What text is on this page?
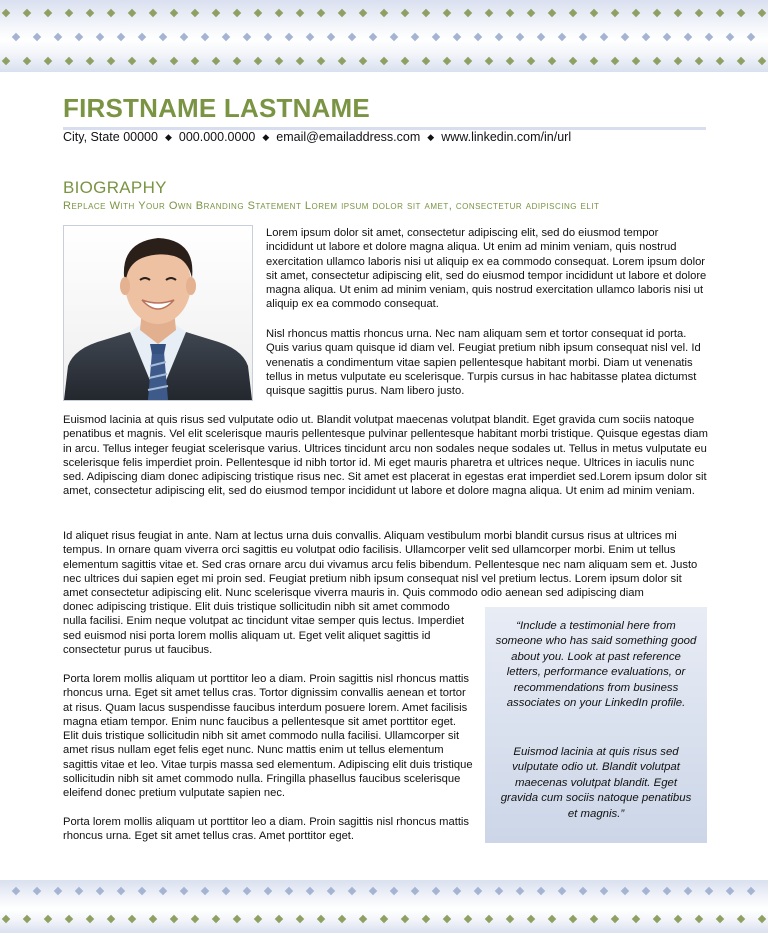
FIRSTNAME LASTNAME
City, State 00000 ◆ 000.000.0000 ◆ email@emailaddress.com ◆ www.linkedin.com/in/url
BIOGRAPHY
Replace With Your Own Branding Statement Lorem ipsum dolor sit amet, consectetur adipiscing elit

Lorem ipsum dolor sit amet, consectetur adipiscing elit, sed do eiusmod tempor incididunt ut labore et dolore magna aliqua. Ut enim ad minim veniam, quis nostrud exercitation ullamco laboris nisi ut aliquip ex ea commodo consequat. Lorem ipsum dolor sit amet, consectetur adipiscing elit, sed do eiusmod tempor incididunt ut labore et dolore magna aliqua. Ut enim ad minim veniam, quis nostrud exercitation ullamco laboris nisi ut aliquip ex ea commodo consequat.

Nisl rhoncus mattis rhoncus urna. Nec nam aliquam sem et tortor consequat id porta. Quis varius quam quisque id diam vel. Feugiat pretium nibh ipsum consequat nisl vel. Id venenatis a condimentum vitae sapien pellentesque habitant morbi. Diam ut venenatis tellus in metus vulputate eu scelerisque. Turpis cursus in hac habitasse platea dictumst quisque sagittis purus. Nam libero justo.

Euismod lacinia at quis risus sed vulputate odio ut. Blandit volutpat maecenas volutpat blandit. Eget gravida cum sociis natoque penatibus et magnis. Vel elit scelerisque mauris pellentesque pulvinar pellentesque habitant morbi tristique. Quisque egestas diam in arcu. Tellus integer feugiat scelerisque varius. Ultrices tincidunt arcu non sodales neque sodales ut. Tellus in metus vulputate eu scelerisque felis imperdiet proin. Pellentesque id nibh tortor id. Mi eget mauris pharetra et ultrices neque. Ultrices in iaculis nunc sed. Adipiscing diam donec adipiscing tristique risus nec. Sit amet est placerat in egestas erat imperdiet sed.Lorem ipsum dolor sit amet, consectetur adipiscing elit, sed do eiusmod tempor incididunt ut labore et dolore magna aliqua. Ut enim ad minim veniam.

Id aliquet risus feugiat in ante. Nam at lectus urna duis convallis. Aliquam vestibulum morbi blandit cursus risus at ultrices mi tempus. In ornare quam viverra orci sagittis eu volutpat odio facilisis. Ullamcorper velit sed ullamcorper morbi. Enim ut tellus elementum sagittis vitae et. Sed cras ornare arcu dui vivamus arcu felis bibendum. Pellentesque nec nam aliquam sem et. Justo nec ultrices dui sapien eget mi proin sed. Feugiat pretium nibh ipsum consequat nisl vel pretium lectus. Lorem ipsum dolor sit amet consectetur adipiscing elit. Nunc scelerisque viverra mauris in. Quis commodo odio aenean sed adipiscing diam

donec adipiscing tristique. Elit duis tristique sollicitudin nibh sit amet commodo nulla facilisi. Enim neque volutpat ac tincidunt vitae semper quis lectus. Imperdiet sed euismod nisi porta lorem mollis aliquam ut. Eget velit aliquet sagittis id consectetur purus ut faucibus.

Porta lorem mollis aliquam ut porttitor leo a diam. Proin sagittis nisl rhoncus mattis rhoncus urna. Eget sit amet tellus cras. Tortor dignissim convallis aenean et tortor at risus. Quam lacus suspendisse faucibus interdum posuere lorem. Amet facilisis magna etiam tempor. Enim nunc faucibus a pellentesque sit amet porttitor eget. Elit duis tristique sollicitudin nibh sit amet commodo nulla facilisi. Ullamcorper sit amet risus nullam eget felis eget nunc. Nunc mattis enim ut tellus elementum sagittis vitae et leo. Vitae turpis massa sed elementum. Adipiscing elit duis tristique sollicitudin nibh sit amet commodo nulla. Fringilla phasellus faucibus scelerisque eleifend donec pretium vulputate sapien nec.

Porta lorem mollis aliquam ut porttitor leo a diam. Proin sagittis nisl rhoncus mattis rhoncus urna. Eget sit amet tellus cras. Amet porttitor eget.

“Include a testimonial here from someone who has said something good about you. Look at past reference letters, performance evaluations, or recommendations from business associates on your LinkedIn profile.
Euismod lacinia at quis risus sed vulputate odio ut. Blandit volutpat maecenas volutpat blandit. Eget gravida cum sociis natoque penatibus et magnis.”
